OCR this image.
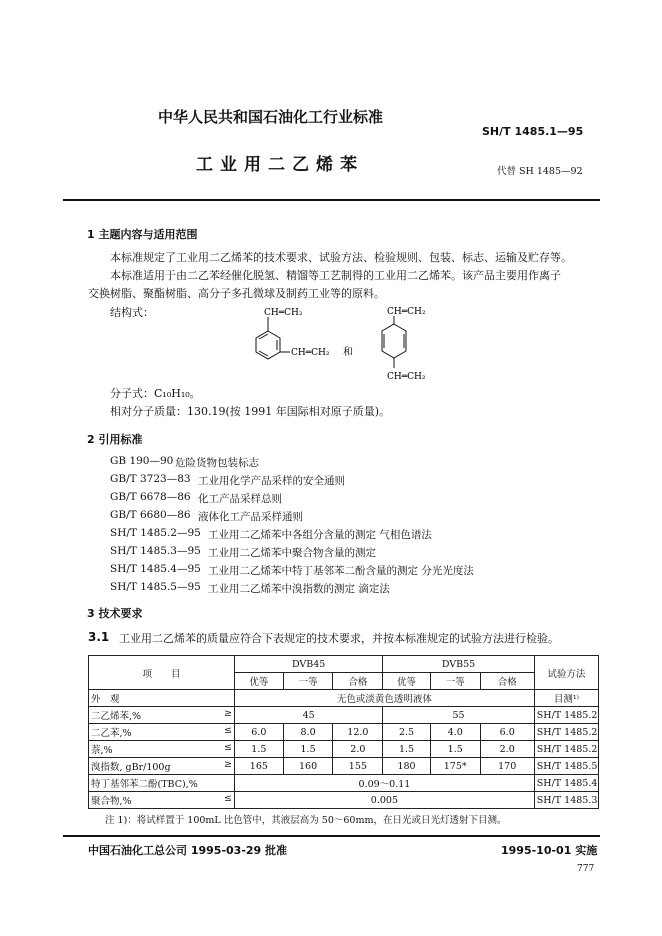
中华人民共和国石油化工行业标准
SH/T 1485.1—95
工业用二乙烯苯	代替 SH 1485—92
1 主题内容与适用范围
本标准规定了工业用二乙烯苯的技术要求、试验方法、检验规则、包装、标志、运输及贮存等。
本标准适用于由二乙苯经催化脱氢、精馏等工艺制得的工业用二乙烯苯。该产品主要用作离子
交换树脂、聚酯树脂、高分子多孔微球及制药工业等的原料。
结构式：	CH═CH₂
CH═CH₂ 和
CH═CH₂
CH═CH₂
分子式：C₁₀H₁₀。
相对分子质量：130.19(按 1991 年国际相对原子质量)。
2 引用标准
GB 190—90 危险货物包装标志
GB/T 3723—83 工业用化学产品采样的安全通则
GB/T 6678—86 化工产品采样总则
GB/T 6680—86 液体化工产品采样通则
SH/T 1485.2—95 工业用二乙烯苯中各组分含量的测定 气相色谱法
SH/T 1485.3—95 工业用二乙烯苯中聚合物含量的测定
SH/T 1485.4—95 工业用二乙烯苯中特丁基邻苯二酚含量的测定 分光光度法
SH/T 1485.5—95 工业用二乙烯苯中溴指数的测定 滴定法
3 技术要求
3.1 工业用二乙烯苯的质量应符合下表规定的技术要求，并按本标准规定的试验方法进行检验。
项　　目	DVB45			DVB55			试验方法
	优等	一等	合格	优等	一等	合格	
外　观	无色或淡黄色透明液体						目测¹⁾

二乙烯苯,% ≥	45			55			SH/T 1485.2

二乙苯,% ≤	6.0	8.0	12.0	2.5	4.0	6.0	SH/T 1485.2

萘,% ≤	1.5	1.5	2.0	1.5	1.5	2.0	SH/T 1485.2

溴指数, gBr/100g ≥	165	160	155	180	175*	170	SH/T 1485.5
特丁基邻苯二酚(TBC),%	0.09～0.11						SH/T 1485.4

聚合物,% ≤	0.005						SH/T 1485.3
注 1)：将试样置于 100mL 比色管中，其液层高为 50～60mm，在日光或日光灯透射下目测。
中国石油化工总公司 1995-03-29 批准	1995-10-01 实施
777
